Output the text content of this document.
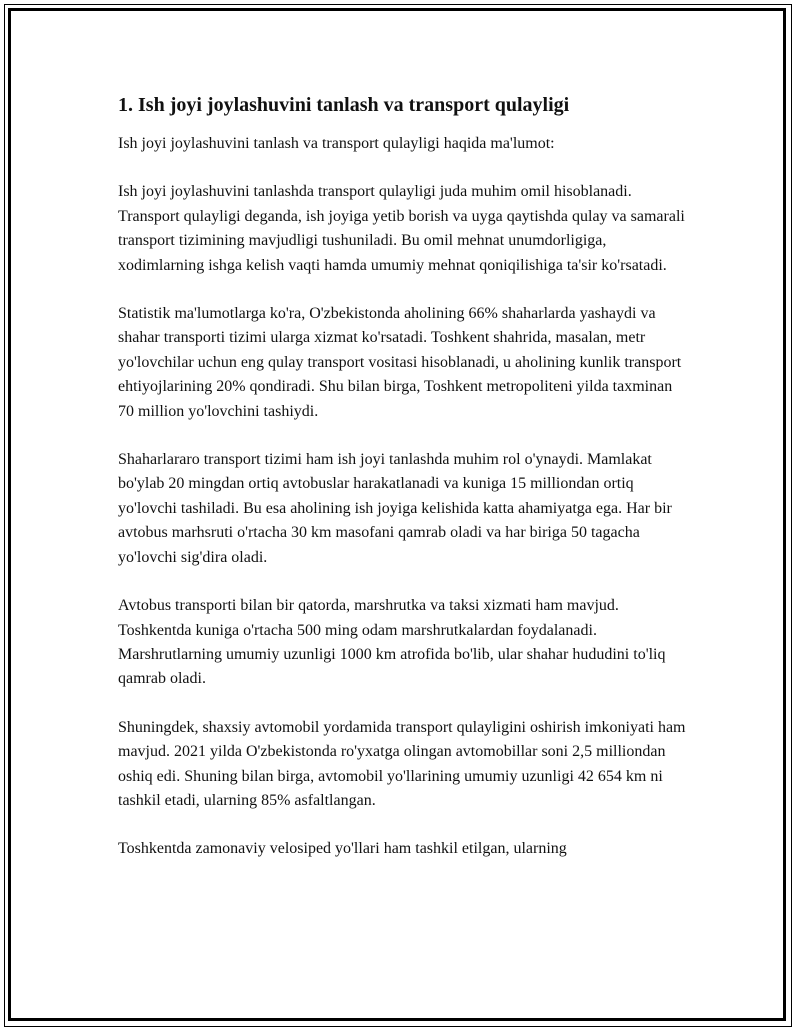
1. Ish joyi joylashuvini tanlash va transport qulayligi

Ish joyi joylashuvini tanlash va transport qulayligi haqida ma'lumot:

Ish joyi joylashuvini tanlashda transport qulayligi juda muhim omil hisoblanadi. Transport qulayligi deganda, ish joyiga yetib borish va uyga qaytishda qulay va samarali transport tizimining mavjudligi tushuniladi. Bu omil mehnat unumdorligiga, xodimlarning ishga kelish vaqti hamda umumiy mehnat qoniqilishiga ta'sir ko'rsatadi.

Statistik ma'lumotlarga ko'ra, O'zbekistonda aholining 66% shaharlarda yashaydi va shahar transporti tizimi ularga xizmat ko'rsatadi. Toshkent shahrida, masalan, metr yo'lovchilar uchun eng qulay transport vositasi hisoblanadi, u aholining kunlik transport ehtiyojlarining 20% qondiradi. Shu bilan birga, Toshkent metropoliteni yilda taxminan 70 million yo'lovchini tashiydi.

Shaharlararo transport tizimi ham ish joyi tanlashda muhim rol o'ynaydi. Mamlakat bo'ylab 20 mingdan ortiq avtobuslar harakatlanadi va kuniga 15 milliondan ortiq yo'lovchi tashiladi. Bu esa aholining ish joyiga kelishida katta ahamiyatga ega. Har bir avtobus marhsruti o'rtacha 30 km masofani qamrab oladi va har biriga 50 tagacha yo'lovchi sig'dira oladi.

Avtobus transporti bilan bir qatorda, marshrutka va taksi xizmati ham mavjud. Toshkentda kuniga o'rtacha 500 ming odam marshrutkalardan foydalanadi. Marshrutlarning umumiy uzunligi 1000 km atrofida bo'lib, ular shahar hududini to'liq qamrab oladi.

Shuningdek, shaxsiy avtomobil yordamida transport qulayligini oshirish imkoniyati ham mavjud. 2021 yilda O'zbekistonda ro'yxatga olingan avtomobillar soni 2,5 milliondan oshiq edi. Shuning bilan birga, avtomobil yo'llarining umumiy uzunligi 42 654 km ni tashkil etadi, ularning 85% asfaltlangan.

Toshkentda zamonaviy velosiped yo'llari ham tashkil etilgan, ularning
